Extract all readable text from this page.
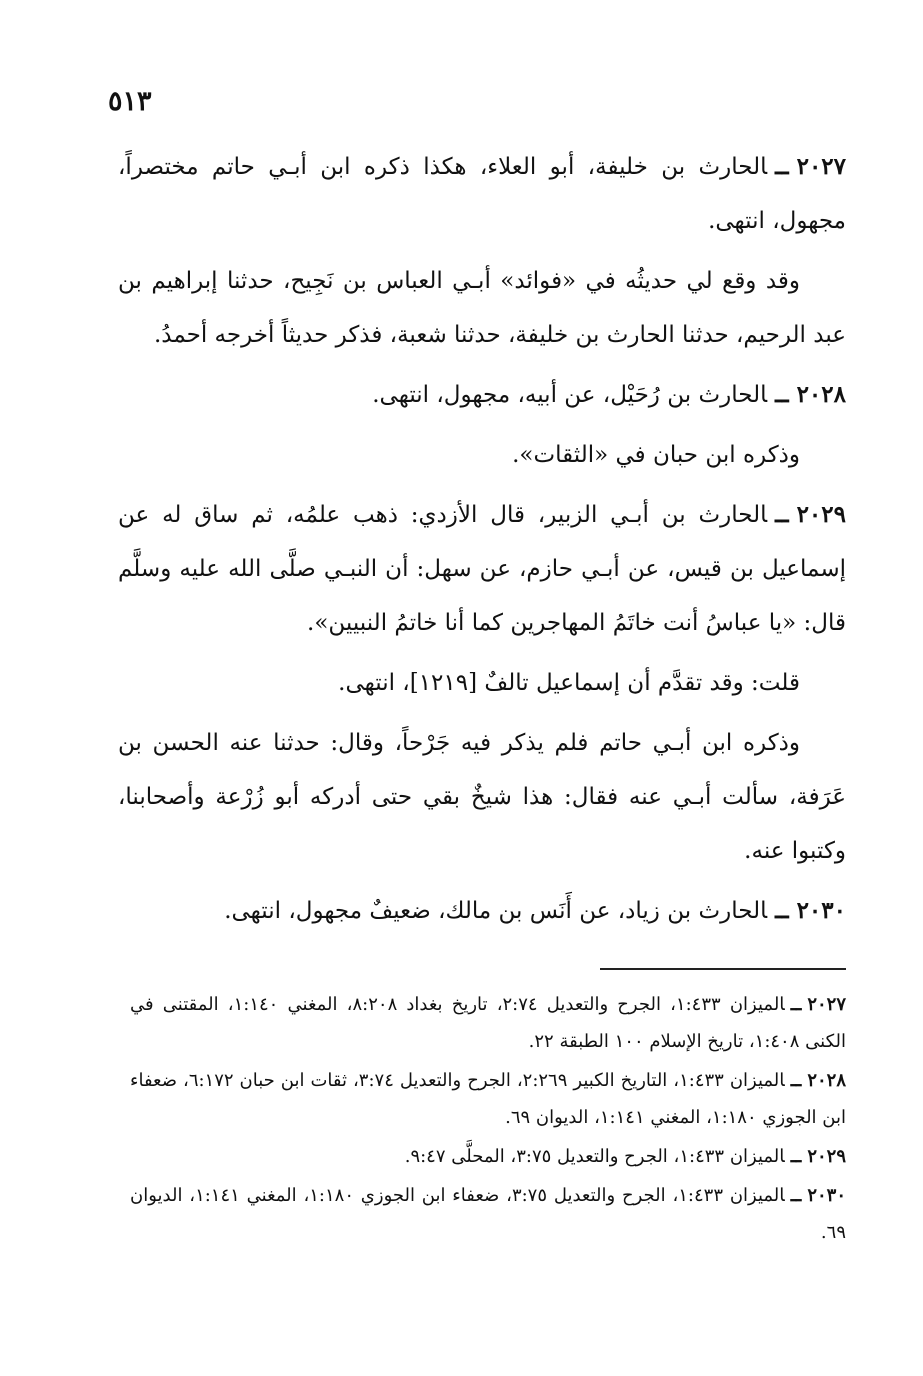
٥١٣

٢٠٢٧ــالحارث بن خليفة، أبو العلاء، هكذا ذكره ابن أبـي حاتم مختصراً، مجهول، انتهى.

وقد وقع لي حديثُه في «فوائد» أبـي العباس بن نَجِيح، حدثنا إبراهيم بن عبد الرحيم، حدثنا الحارث بن خليفة، حدثنا شعبة، فذكر حديثاً أخرجه أحمدُ.

٢٠٢٨ــالحارث بن رُحَيْل، عن أبيه، مجهول، انتهى.

وذكره ابن حبان في «الثقات».

٢٠٢٩ــالحارث بن أبـي الزبير، قال الأزدي: ذهب علمُه، ثم ساق له عن إسماعيل بن قيس، عن أبـي حازم، عن سهل: أن النبـي صلَّى الله عليه وسلَّم قال: «يا عباسُ أنت خاتَمُ المهاجرين كما أنا خاتمُ النبيين».

قلت: وقد تقدَّم أن إسماعيل تالفٌ [١٢١٩]، انتهى.

وذكره ابن أبـي حاتم فلم يذكر فيه جَرْحاً، وقال: حدثنا عنه الحسن بن عَرَفة، سألت أبـي عنه فقال: هذا شيخٌ بقي حتى أدركه أبو زُرْعة وأصحابنا، وكتبوا عنه.

٢٠٣٠ــالحارث بن زياد، عن أَنَس بن مالك، ضعيفٌ مجهول، انتهى.

٢٠٢٧ــالميزان ١:٤٣٣، الجرح والتعديل ٢:٧٤، تاريخ بغداد ٨:٢٠٨، المغني ١:١٤٠، المقتنى في الكنى ١:٤٠٨، تاريخ الإسلام ١٠٠ الطبقة ٢٢.

٢٠٢٨ــالميزان ١:٤٣٣، التاريخ الكبير ٢:٢٦٩، الجرح والتعديل ٣:٧٤، ثقات ابن حبان ٦:١٧٢، ضعفاء ابن الجوزي ١:١٨٠، المغني ١:١٤١، الديوان ٦٩.

٢٠٢٩ــالميزان ١:٤٣٣، الجرح والتعديل ٣:٧٥، المحلَّى ٩:٤٧.

٢٠٣٠ــالميزان ١:٤٣٣، الجرح والتعديل ٣:٧٥، ضعفاء ابن الجوزي ١:١٨٠، المغني ١:١٤١، الديوان ٦٩.
